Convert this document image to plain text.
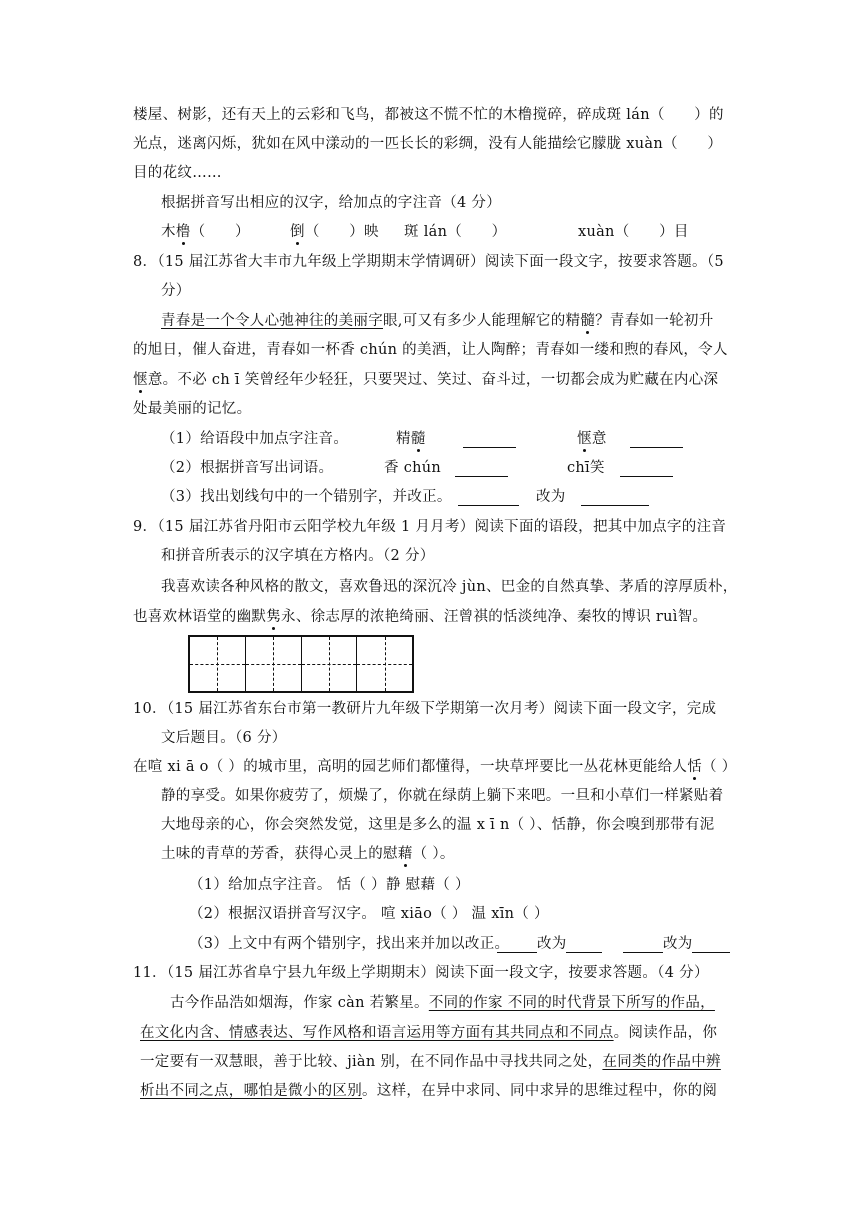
楼屋、树影，还有天上的云彩和飞鸟，都被这不慌不忙的木橹搅碎，碎成斑 lán（　　）的
光点，迷离闪烁，犹如在风中漾动的一匹长长的彩绸，没有人能描绘它朦胧 xuàn（　　）
目的花纹……
根据拼音写出相应的汉字，给加点的字注音（4 分）
木橹（　　）	倒（　　）映 斑 lán（　　）	xuàn（　　）目
8．（15 届江苏省大丰市九年级上学期期末学情调研）阅读下面一段文字，按要求答题。（5
分）
青春是一个令人心弛神往的美丽字眼,可又有多少人能理解它的精髓？青春如一轮初升
的旭日，催人奋进，青春如一杯香 chún 的美酒，让人陶醉；青春如一缕和煦的春风，令人
惬意。不必 ch ī 笑曾经年少轻狂，只要哭过、笑过、奋斗过，一切都会成为贮藏在内心深
处最美丽的记忆。
（1）给语段中加点字注音。	精髓	惬意
（2）根据拼音写出词语。	香 chún	chī笑
（3）找出划线句中的一个错别字，并改正。	改为
9．（15 届江苏省丹阳市云阳学校九年级 1 月月考）阅读下面的语段，把其中加点字的注音
和拼音所表示的汉字填在方格内。（2 分）
我喜欢读各种风格的散文，喜欢鲁迅的深沉冷 jùn、巴金的自然真挚、茅盾的淳厚质朴，
也喜欢林语堂的幽默隽永、徐志厚的浓艳绮丽、汪曾祺的恬淡纯净、秦牧的博识 ruì智。
10．（15 届江苏省东台市第一教研片九年级下学期第一次月考）阅读下面一段文字，完成
文后题目。（6 分）
在喧 xi ā o（ ）的城市里，高明的园艺师们都懂得，一块草坪要比一丛花林更能给人恬（ ）
静的享受。如果你疲劳了，烦燥了，你就在绿荫上躺下来吧。一旦和小草们一样紧贴着
大地母亲的心，你会突然发觉，这里是多么的温 x ī n（ ）、恬静，你会嗅到那带有泥
土味的青草的芳香，获得心灵上的慰藉（ ）。
（1）给加点字注音。 恬（ ）静 慰藉（ ）
（2）根据汉语拼音写汉字。 喧 xiāo（ ） 温 xīn（ ）
（3）上文中有两个错别字，找出来并加以改正。 改为	改为
11．（15 届江苏省阜宁县九年级上学期期末）阅读下面一段文字，按要求答题。（4 分）
古今作品浩如烟海，作家 càn 若繁星。不同的作家 不同的时代背景下所写的作品，
在文化内含、情感表达、写作风格和语言运用等方面有其共同点和不同点。阅读作品，你
一定要有一双慧眼，善于比较、jiàn 别，在不同作品中寻找共同之处，在同类的作品中辨
析出不同之点，哪怕是微小的区别。这样，在异中求同、同中求异的思维过程中，你的阅
